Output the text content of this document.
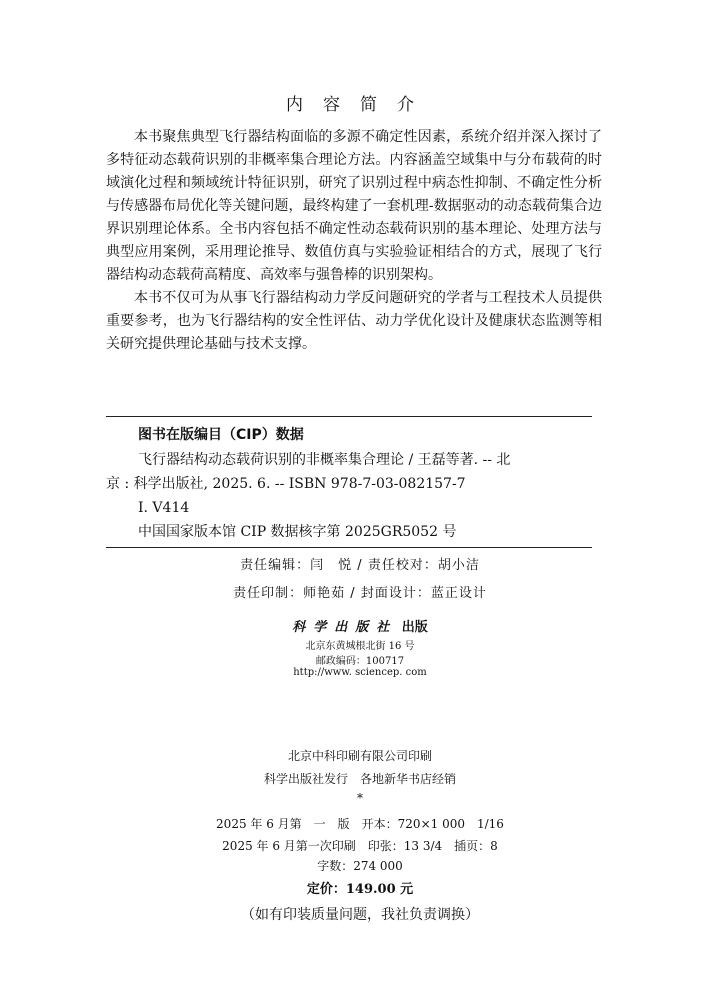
内容简介

本书聚焦典型飞行器结构面临的多源不确定性因素，系统介绍并深入探讨了多特征动态载荷识别的非概率集合理论方法。内容涵盖空域集中与分布载荷的时域演化过程和频域统计特征识别，研究了识别过程中病态性抑制、不确定性分析与传感器布局优化等关键问题，最终构建了一套机理-数据驱动的动态载荷集合边界识别理论体系。全书内容包括不确定性动态载荷识别的基本理论、处理方法与典型应用案例，采用理论推导、数值仿真与实验验证相结合的方式，展现了飞行器结构动态载荷高精度、高效率与强鲁棒的识别架构。

本书不仅可为从事飞行器结构动力学反问题研究的学者与工程技术人员提供重要参考，也为飞行器结构的安全性评估、动力学优化设计及健康状态监测等相关研究提供理论基础与技术支撑。

图书在版编目（CIP）数据
飞行器结构动态载荷识别的非概率集合理论 / 王磊等著. -- 北
京 : 科学出版社, 2025. 6. -- ISBN 978-7-03-082157-7
Ⅰ. V414
中国国家版本馆 CIP 数据核字第 2025GR5052 号
责任编辑：闫　悦 / 责任校对：胡小洁
责任印制：师艳茹 / 封面设计：蓝正设计
科学出版社 出版
北京东黄城根北街 16 号
邮政编码：100717
http://www. sciencep. com
北京中科印刷有限公司印刷
科学出版社发行　各地新华书店经销
*
2025 年 6 月第　一　版　开本：720×1 000　1/16
2025 年 6 月第一次印刷　印张：13 3/4　插页：8
字数：274 000
定价：149.00 元
（如有印装质量问题，我社负责调换）
